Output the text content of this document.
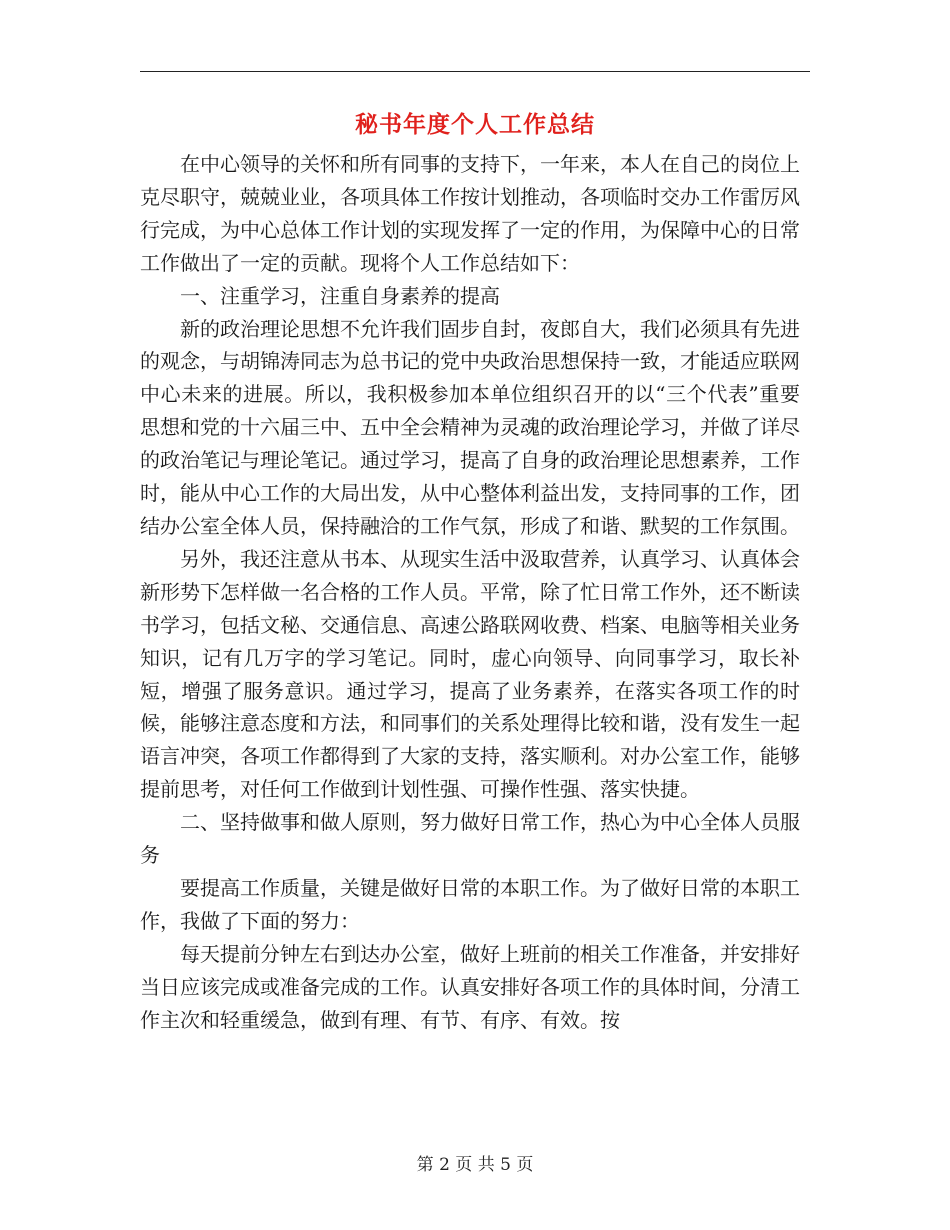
秘书年度个人工作总结

在中心领导的关怀和所有同事的支持下，一年来，本人在自己的岗位上克尽职守，兢兢业业，各项具体工作按计划推动，各项临时交办工作雷厉风行完成，为中心总体工作计划的实现发挥了一定的作用，为保障中心的日常工作做出了一定的贡献。现将个人工作总结如下：

一、注重学习，注重自身素养的提高

新的政治理论思想不允许我们固步自封，夜郎自大，我们必须具有先进的观念，与胡锦涛同志为总书记的党中央政治思想保持一致，才能适应联网中心未来的进展。所以，我积极参加本单位组织召开的以“三个代表”重要思想和党的十六届三中、五中全会精神为灵魂的政治理论学习，并做了详尽的政治笔记与理论笔记。通过学习，提高了自身的政治理论思想素养，工作时，能从中心工作的大局出发，从中心整体利益出发，支持同事的工作，团结办公室全体人员，保持融洽的工作气氛，形成了和谐、默契的工作氛围。

另外，我还注意从书本、从现实生活中汲取营养，认真学习、认真体会新形势下怎样做一名合格的工作人员。平常，除了忙日常工作外，还不断读书学习，包括文秘、交通信息、高速公路联网收费、档案、电脑等相关业务知识，记有几万字的学习笔记。同时，虚心向领导、向同事学习，取长补短，增强了服务意识。通过学习，提高了业务素养，在落实各项工作的时候，能够注意态度和方法，和同事们的关系处理得比较和谐，没有发生一起语言冲突，各项工作都得到了大家的支持，落实顺利。对办公室工作，能够提前思考，对任何工作做到计划性强、可操作性强、落实快捷。

二、坚持做事和做人原则，努力做好日常工作，热心为中心全体人员服务

要提高工作质量，关键是做好日常的本职工作。为了做好日常的本职工作，我做了下面的努力：

每天提前分钟左右到达办公室，做好上班前的相关工作准备，并安排好当日应该完成或准备完成的工作。认真安排好各项工作的具体时间，分清工作主次和轻重缓急，做到有理、有节、有序、有效。按

第 2 页 共 5 页
